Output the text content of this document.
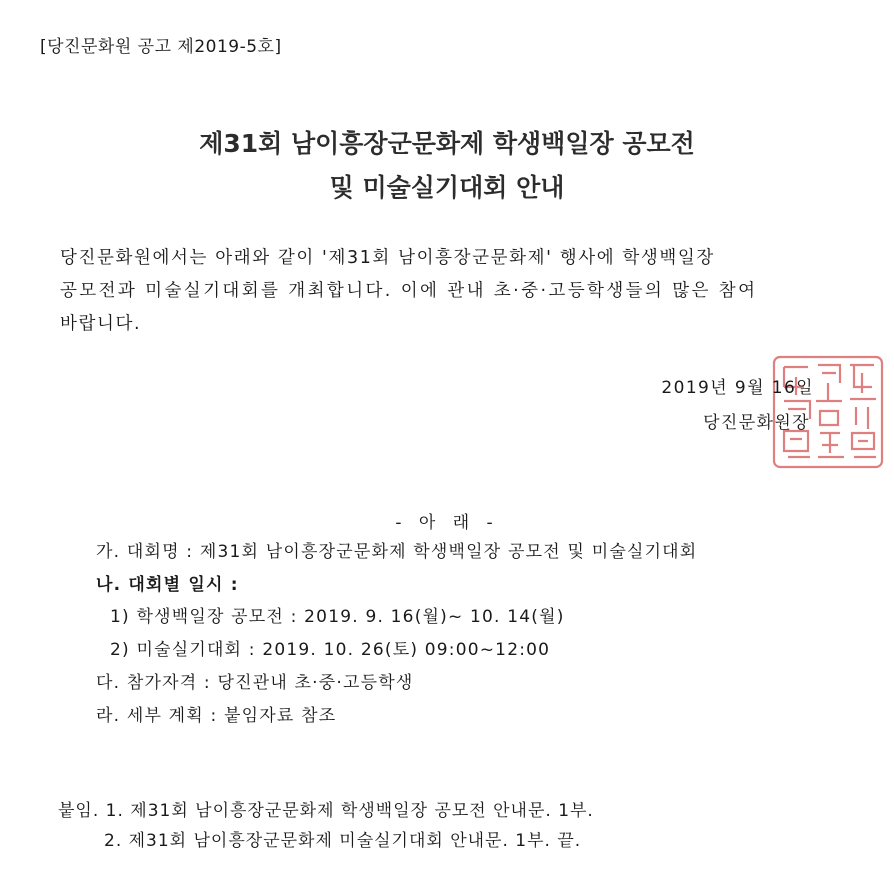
[당진문화원 공고 제2019-5호]
제31회 남이흥장군문화제 학생백일장 공모전
및 미술실기대회 안내
당진문화원에서는 아래와 같이 '제31회 남이흥장군문화제' 행사에 학생백일장
공모전과 미술실기대회를 개최합니다. 이에 관내 초·중·고등학생들의 많은 참여
바랍니다.
2019년 9월 16일
당진문화원장
- 아 래 -
가. 대회명 : 제31회 남이흥장군문화제 학생백일장 공모전 및 미술실기대회
나. 대회별 일시 :
1) 학생백일장 공모전 : 2019. 9. 16(월)~ 10. 14(월)
2) 미술실기대회 : 2019. 10. 26(토) 09:00~12:00
다. 참가자격 : 당진관내 초·중·고등학생
라. 세부 계획 : 붙임자료 참조
붙임. 1. 제31회 남이흥장군문화제 학생백일장 공모전 안내문. 1부.
2. 제31회 남이흥장군문화제 미술실기대회 안내문. 1부. 끝.
